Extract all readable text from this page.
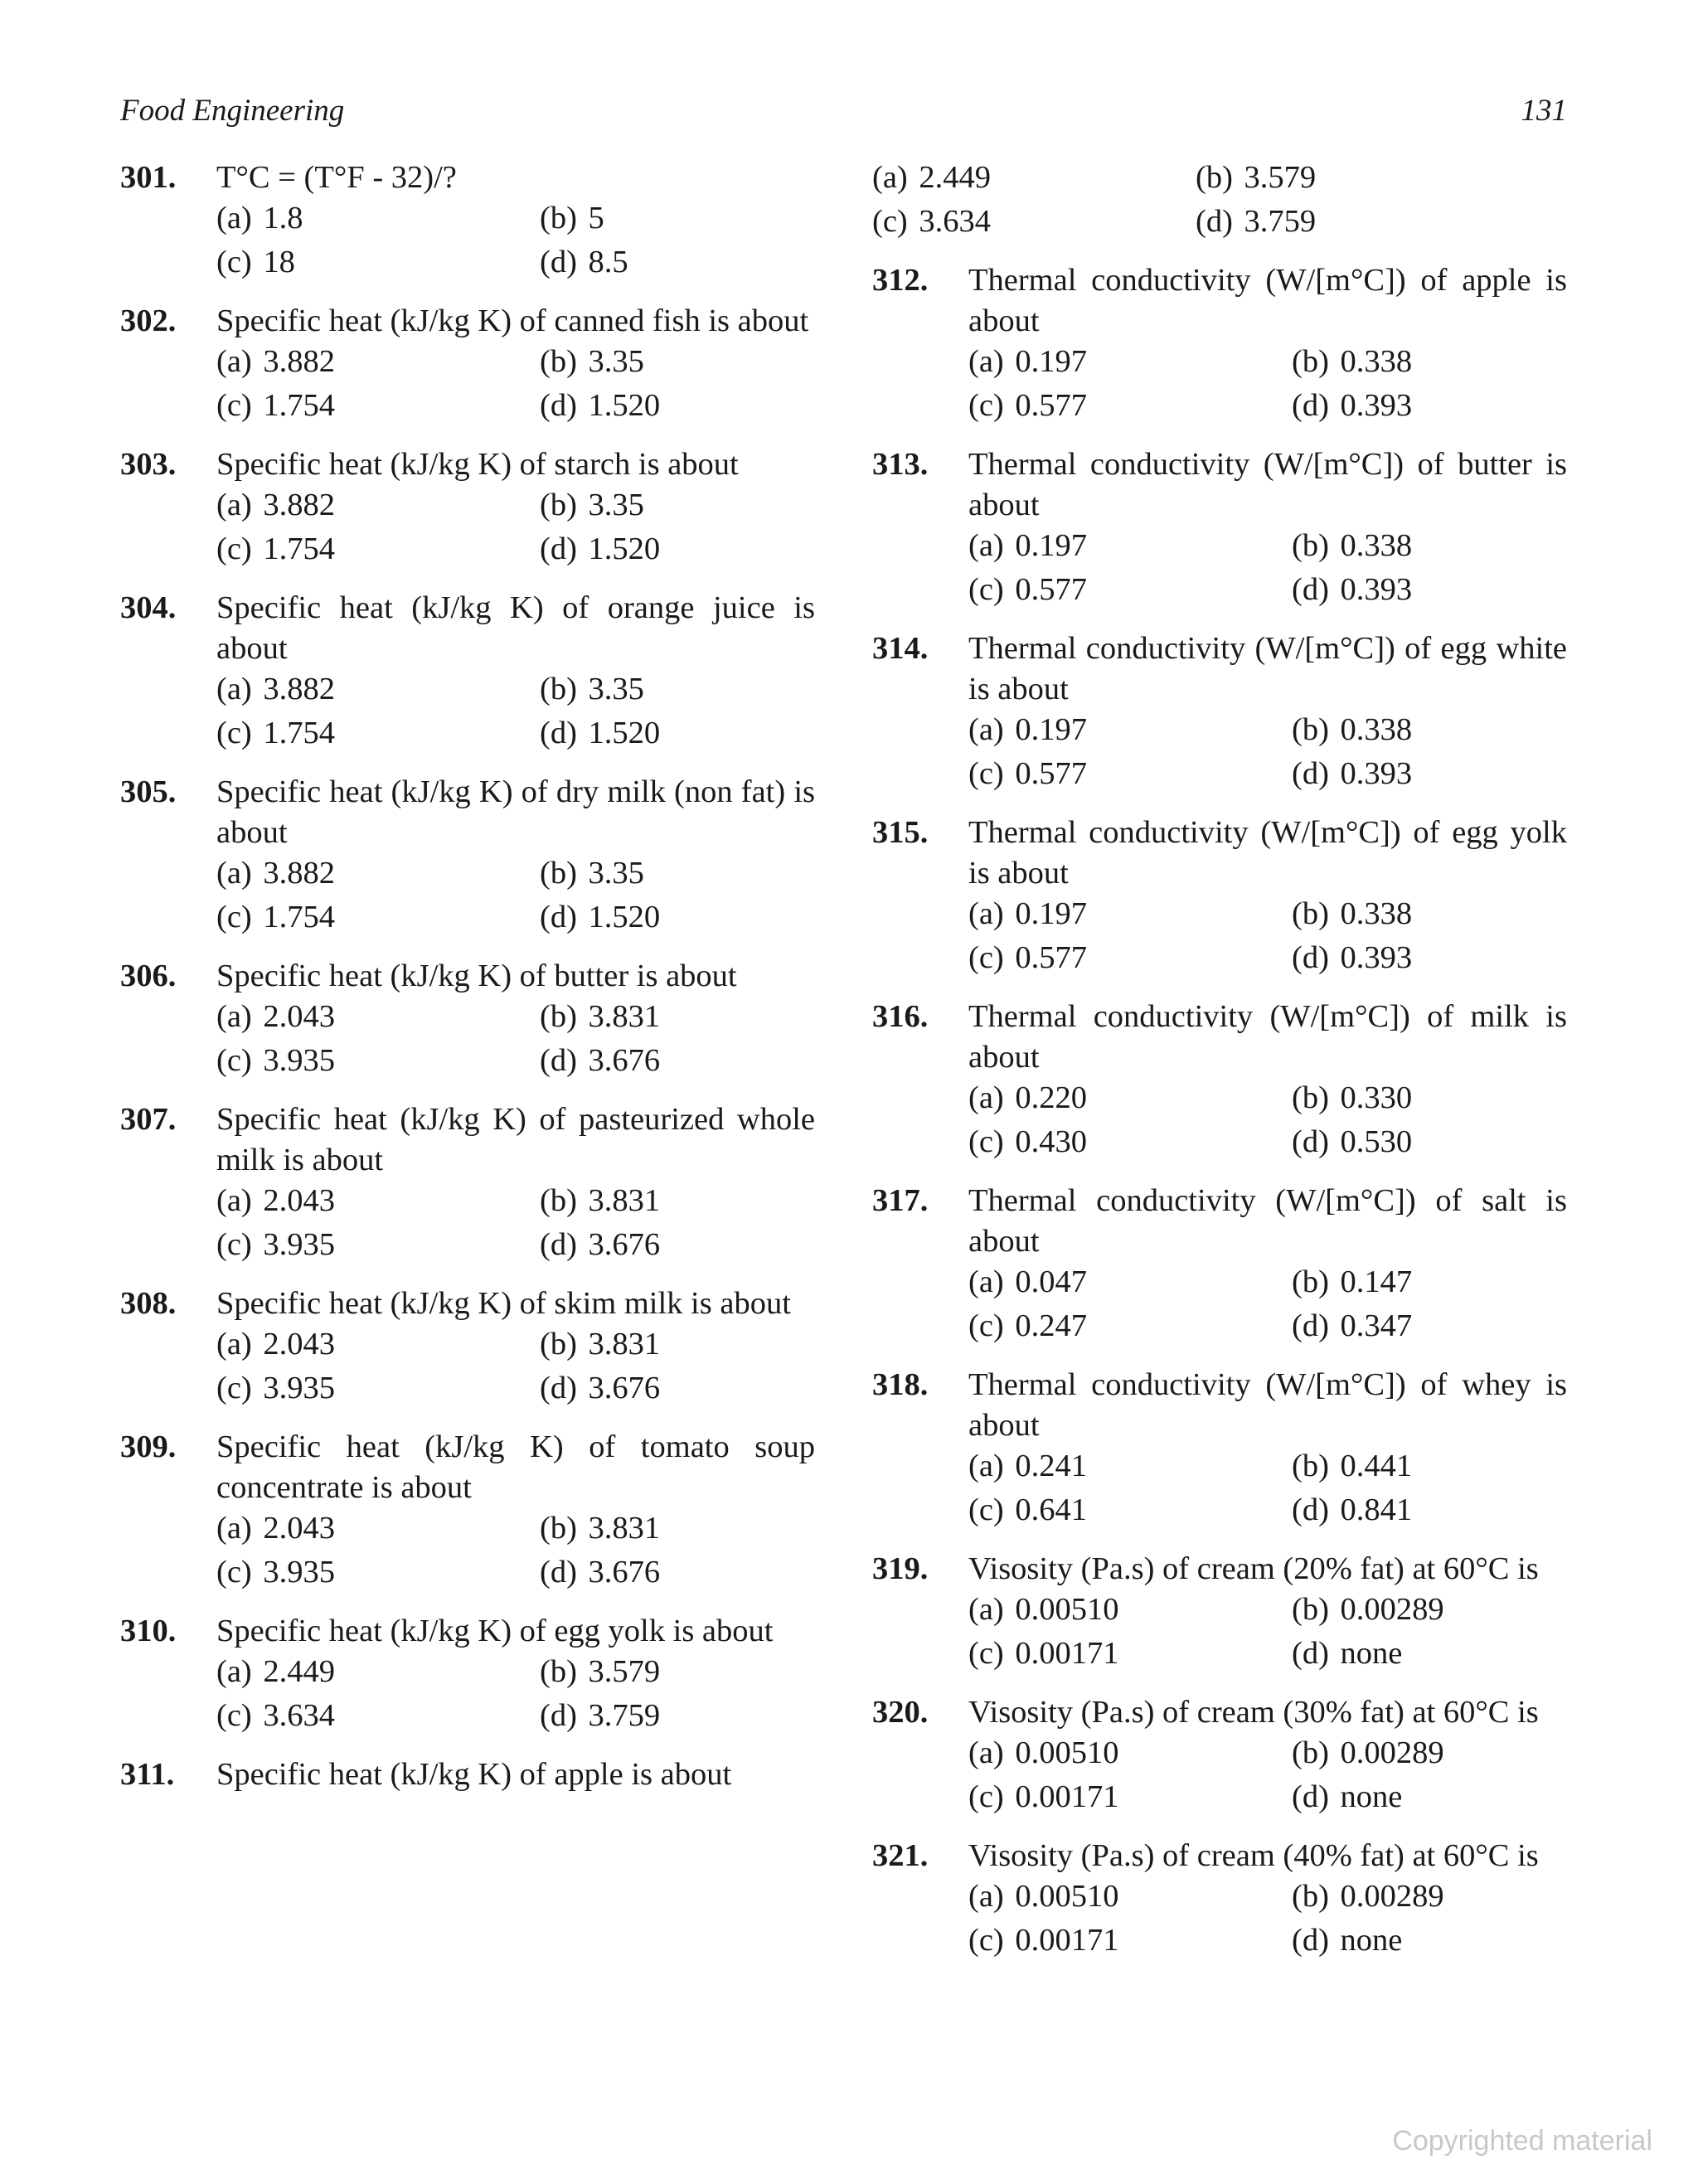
Food Engineering	131
301. T°C = (T°F - 32)/?
(a) 1.8	(b) 5
(c) 18	(d) 8.5
302. Specific heat (kJ/kg K) of canned fish is about
(a) 3.882	(b) 3.35
(c) 1.754	(d) 1.520
303. Specific heat (kJ/kg K) of starch is about
(a) 3.882	(b) 3.35
(c) 1.754	(d) 1.520
304. Specific heat (kJ/kg K) of orange juice is about
(a) 3.882	(b) 3.35
(c) 1.754	(d) 1.520
305. Specific heat (kJ/kg K) of dry milk (non fat) is about
(a) 3.882	(b) 3.35
(c) 1.754	(d) 1.520
306. Specific heat (kJ/kg K) of butter is about
(a) 2.043	(b) 3.831
(c) 3.935	(d) 3.676
307. Specific heat (kJ/kg K) of pasteurized whole milk is about
(a) 2.043	(b) 3.831
(c) 3.935	(d) 3.676
308. Specific heat (kJ/kg K) of skim milk is about
(a) 2.043	(b) 3.831
(c) 3.935	(d) 3.676
309. Specific heat (kJ/kg K) of tomato soup concentrate is about
(a) 2.043	(b) 3.831
(c) 3.935	(d) 3.676
310. Specific heat (kJ/kg K) of egg yolk is about
(a) 2.449	(b) 3.579
(c) 3.634	(d) 3.759
311. Specific heat (kJ/kg K) of apple is about
(a) 2.449	(b) 3.579
(c) 3.634	(d) 3.759
312. Thermal conductivity (W/[m°C]) of apple is about
(a) 0.197	(b) 0.338
(c) 0.577	(d) 0.393
313. Thermal conductivity (W/[m°C]) of butter is about
(a) 0.197	(b) 0.338
(c) 0.577	(d) 0.393
314. Thermal conductivity (W/[m°C]) of egg white is about
(a) 0.197	(b) 0.338
(c) 0.577	(d) 0.393
315. Thermal conductivity (W/[m°C]) of egg yolk is about
(a) 0.197	(b) 0.338
(c) 0.577	(d) 0.393
316. Thermal conductivity (W/[m°C]) of milk is about
(a) 0.220	(b) 0.330
(c) 0.430	(d) 0.530
317. Thermal conductivity (W/[m°C]) of salt is about
(a) 0.047	(b) 0.147
(c) 0.247	(d) 0.347
318. Thermal conductivity (W/[m°C]) of whey is about
(a) 0.241	(b) 0.441
(c) 0.641	(d) 0.841
319. Visosity (Pa.s) of cream (20% fat) at 60°C is
(a) 0.00510	(b) 0.00289
(c) 0.00171	(d) none
320. Visosity (Pa.s) of cream (30% fat) at 60°C is
(a) 0.00510	(b) 0.00289
(c) 0.00171	(d) none
321. Visosity (Pa.s) of cream (40% fat) at 60°C is
(a) 0.00510	(b) 0.00289
(c) 0.00171	(d) none
Copyrighted material
